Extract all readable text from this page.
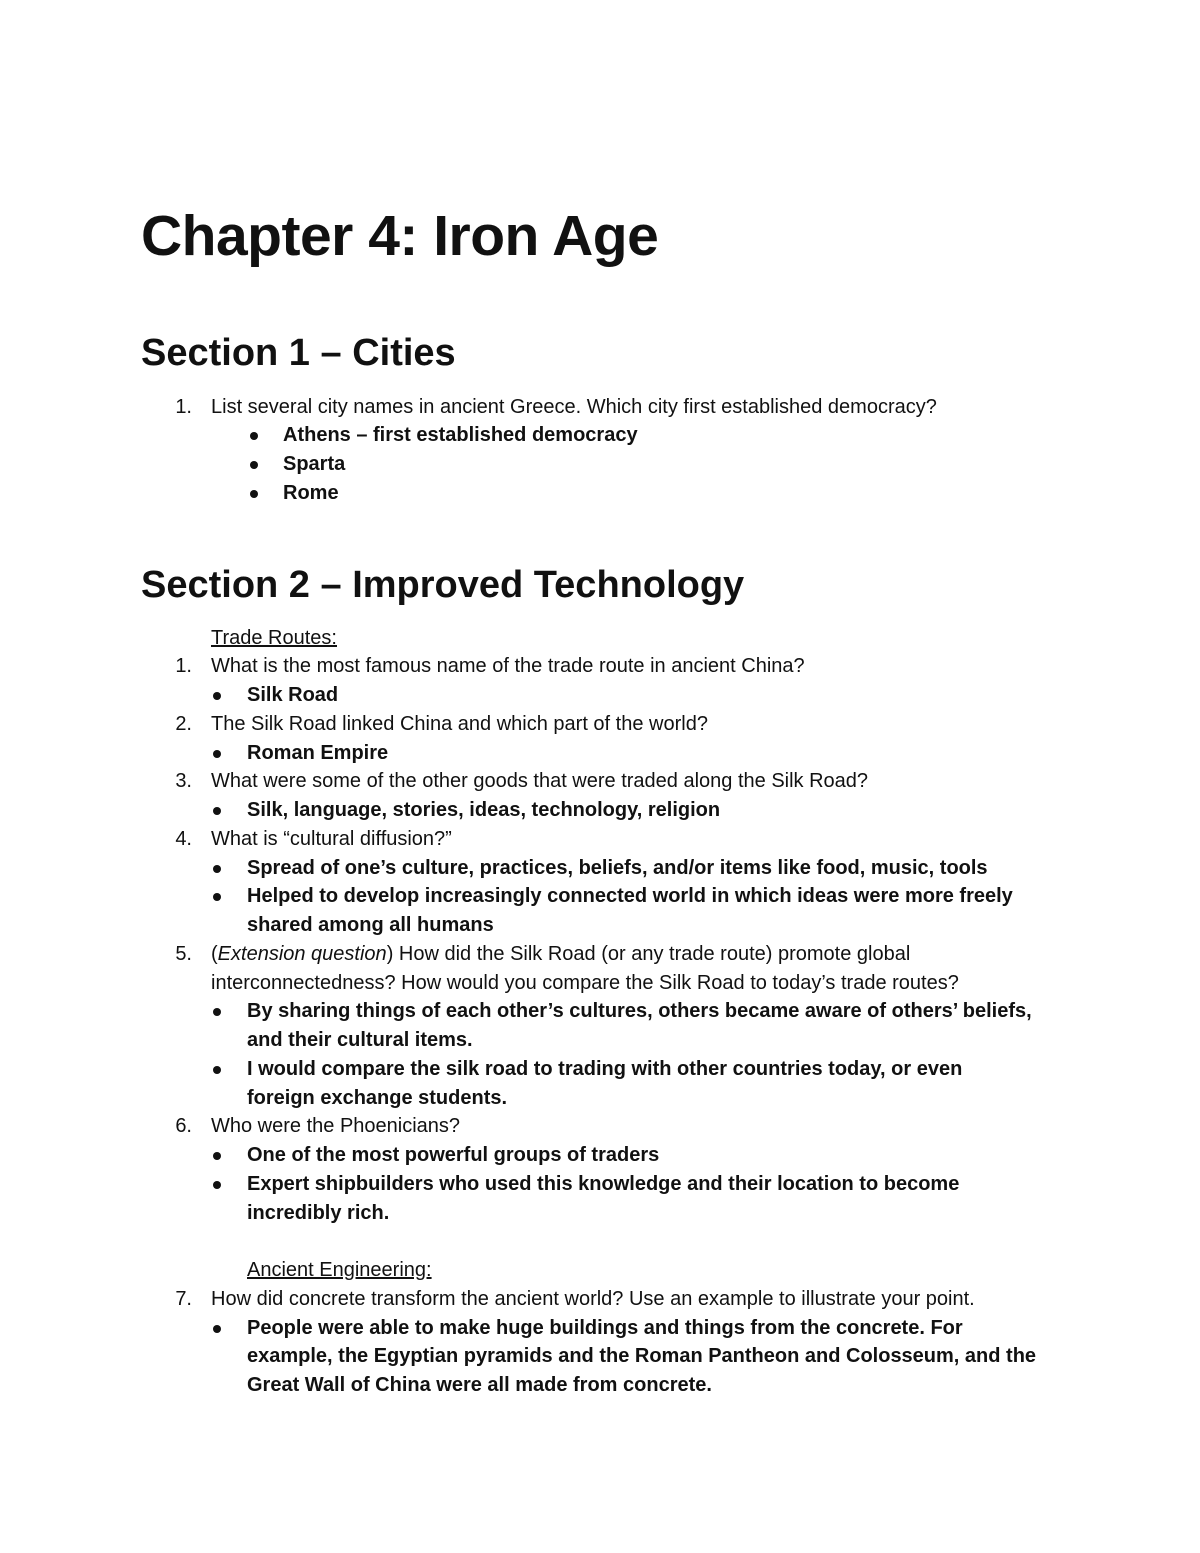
Chapter 4: Iron Age
Section 1 – Cities
1. List several city names in ancient Greece. Which city first established democracy?
Athens – first established democracy
Sparta
Rome
Section 2 – Improved Technology
Trade Routes:
1. What is the most famous name of the trade route in ancient China?
Silk Road
2. The Silk Road linked China and which part of the world?
Roman Empire
3. What were some of the other goods that were traded along the Silk Road?
Silk, language, stories, ideas, technology, religion
4. What is “cultural diffusion?”
Spread of one’s culture, practices, beliefs, and/or items like food, music, tools
Helped to develop increasingly connected world in which ideas were more freely
shared among all humans
5. (Extension question) How did the Silk Road (or any trade route) promote global
interconnectedness? How would you compare the Silk Road to today’s trade routes?
By sharing things of each other’s cultures, others became aware of others’ beliefs,
and their cultural items.
I would compare the silk road to trading with other countries today, or even
foreign exchange students.
6. Who were the Phoenicians?
One of the most powerful groups of traders
Expert shipbuilders who used this knowledge and their location to become
incredibly rich.
Ancient Engineering:
7. How did concrete transform the ancient world? Use an example to illustrate your point.
People were able to make huge buildings and things from the concrete. For
example, the Egyptian pyramids and the Roman Pantheon and Colosseum, and the
Great Wall of China were all made from concrete.
